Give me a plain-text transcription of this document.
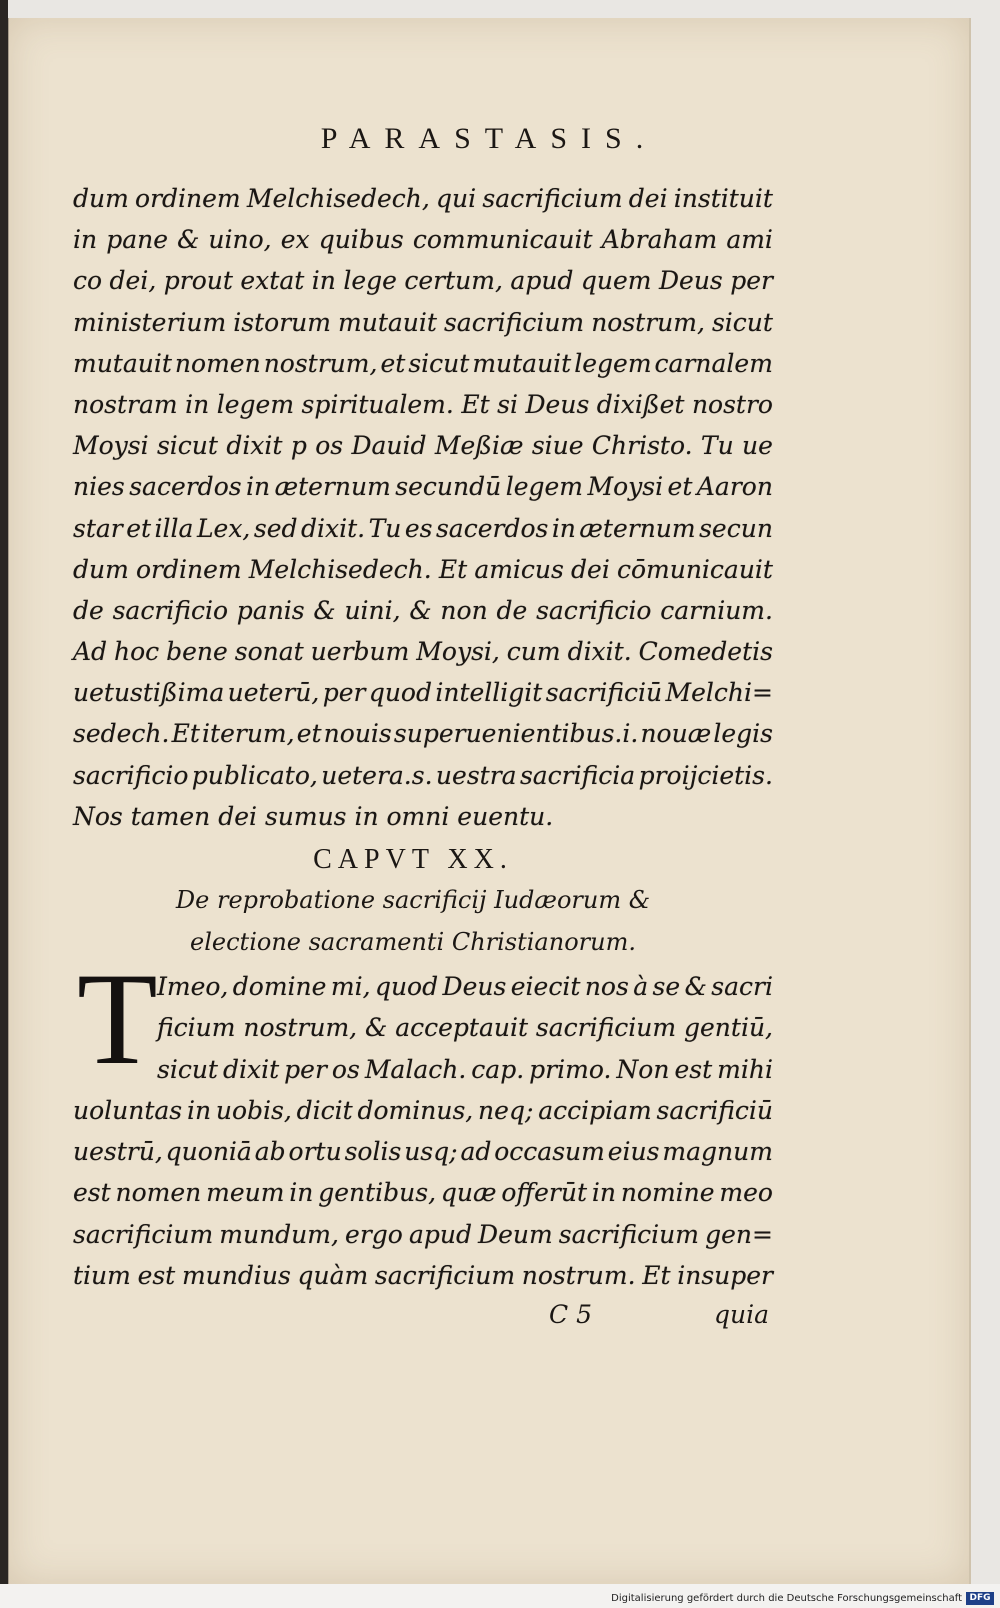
PARASTASIS.
dum ordinem Melchisedech, qui sacrificium dei instituit
in pane & uino, ex quibus communicauit Abraham ami
co dei, prout extat in lege certum, apud quem Deus per
ministerium istorum mutauit sacrificium nostrum, sicut
mutauit nomen nostrum, et sicut mutauit legem carnalem
nostram in legem spiritualem. Et si Deus dixißet nostro
Moysi sicut dixit p os Dauid Meßiæ siue Christo. Tu ue
nies sacerdos in æternum secundū legem Moysi et Aaron
star et illa Lex, sed dixit. Tu es sacerdos in æternum secun
dum ordinem Melchisedech. Et amicus dei cōmunicauit
de sacrificio panis & uini, & non de sacrificio carnium.
Ad hoc bene sonat uerbum Moysi, cum dixit. Comedetis
uetustißima ueterū, per quod intelligit sacrificiū Melchi=
sedech. Et iterum, et nouis superuenientibus.i. nouæ legis
sacrificio publicato, uetera.s. uestra sacrificia proijcietis.
Nos tamen dei sumus in omni euentu.
CAPVT XX.
De reprobatione sacrificij Iudæorum &
electione sacramenti Christianorum.
T Imeo, domine mi, quod Deus eiecit nos à se & sacri
ficium nostrum, & acceptauit sacrificium gentiū,
sicut dixit per os Malach. cap. primo. Non est mihi
uoluntas in uobis, dicit dominus, neq; accipiam sacrificiū
uestrū, quoniā ab ortu solis usq; ad occasum eius magnum
est nomen meum in gentibus, quæ offerūt in nomine meo
sacrificium mundum, ergo apud Deum sacrificium gen=
tium est mundius quàm sacrificium nostrum. Et insuper
C 5	quia
Digitalisierung gefördert durch die Deutsche Forschungsgemeinschaft DFG
